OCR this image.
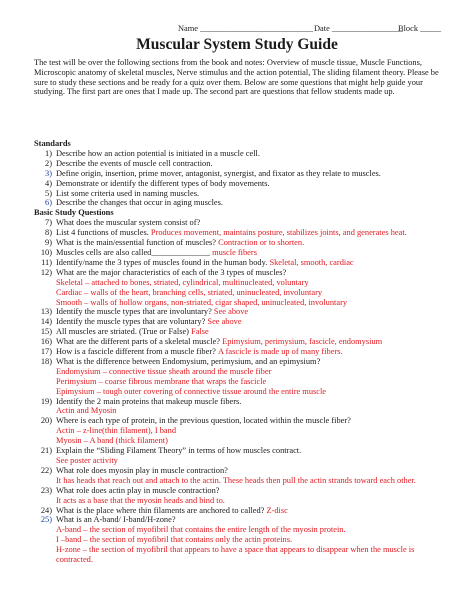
Name ___________________________ Date _________________
Block _____
Muscular System Study Guide
The test will be over the following sections from the book and notes: Overview of muscle tissue, Muscle Functions, Microscopic anatomy of skeletal muscles, Nerve stimulus and the action potential, The sliding filament theory. Please be sure to study these sections and be ready for a quiz over them. Below are some questions that might help guide your studying. The first part are ones that I made up. The second part are questions that fellow students made up.
Standards
1) Describe how an action potential is initiated in a muscle cell.
2) Describe the events of muscle cell contraction.
3) Define origin, insertion, prime mover, antagonist, synergist, and fixator as they relate to muscles.
4) Demonstrate or identify the different types of body movements.
5) List some criteria used in naming muscles.
6) Describe the changes that occur in aging muscles.
Basic Study Questions
7) What does the muscular system consist of?
8) List 4 functions of muscles. Produces movement, maintains posture, stabilizes joints, and generates heat.
9) What is the main/essential function of muscles? Contraction or to shorten.
10) Muscles cells are also called______________ muscle fibers
11) Identify/name the 3 types of muscles found in the human body. Skeletal, smooth, cardiac
12) What are the major characteristics of each of the 3 types of muscles?
Skeletal – attached to bones, striated, cylindrical, multinucleated, voluntary
Cardiac – walls of the heart, branching cells, striated, uninucleated, involuntary
Smooth – walls of hollow organs, non-striated, cigar shaped, uninucleated, involuntary
13) Identify the muscle types that are involuntary? See above
14) Identify the muscle types that are voluntary? See above
15) All muscles are striated. (True or False) False
16) What are the different parts of a skeletal muscle? Epimysium, perimysium, fascicle, endomysium
17) How is a fascicle different from a muscle fiber? A fascicle is made up of many fibers.
18) What is the difference between Endomysium, perimysium, and an epimysium?
Endomysium – connective tissue sheath around the muscle fiber
Perimysium – coarse fibrous membrane that wraps the fascicle
Epimysium – tough outer covering of connective tissue around the entire muscle
19) Identify the 2 main proteins that makeup muscle fibers.
Actin and Myosin
20) Where is each type of protein, in the previous question, located within the muscle fiber?
Actin – z-line(thin filament), I band
Myosin – A band (thick filament)
21) Explain the “Sliding Filament Theory” in terms of how muscles contract.
See poster activity
22) What role does myosin play in muscle contraction?
It has heads that reach out and attach to the actin. These heads then pull the actin strands toward each other.
23) What role does actin play in muscle contraction?
It acts as a base that the myosin heads and bind to.
24) What is the place where thin filaments are anchored to called? Z-disc
25) What is an A-band/ I-band/H-zone?
A-band – the section of myofibril that contains the entire length of the myosin protein.
I –band – the section of myofibril that contains only the actin proteins.
H-zone – the section of myofibril that appears to have a space that appears to disappear when the muscle is contracted.
